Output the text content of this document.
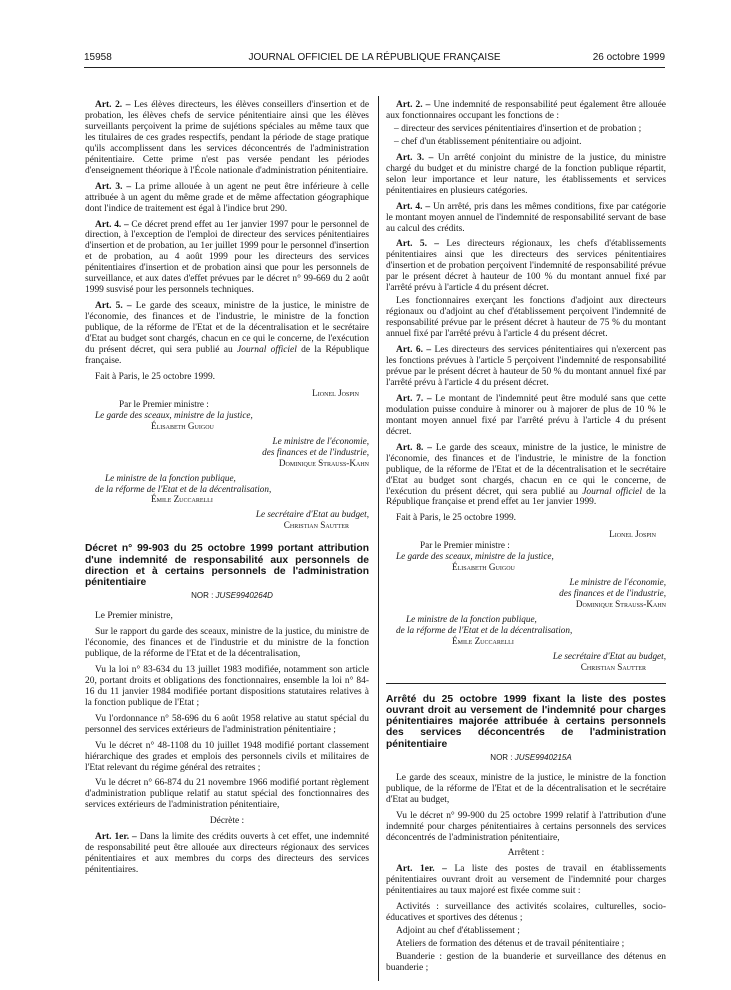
15958	JOURNAL OFFICIEL DE LA RÉPUBLIQUE FRANÇAISE	26 octobre 1999

Art. 2. – Les élèves directeurs, les élèves conseillers d'insertion et de probation, les élèves chefs de service pénitentiaire ainsi que les élèves surveillants perçoivent la prime de sujétions spéciales au même taux que les titulaires de ces grades respectifs, pendant la période de stage pratique qu'ils accomplissent dans les services déconcentrés de l'administration pénitentiaire. Cette prime n'est pas versée pendant les périodes d'enseignement théorique à l'École nationale d'administration pénitentiaire.

Art. 3. – La prime allouée à un agent ne peut être inférieure à celle attribuée à un agent du même grade et de même affectation géographique dont l'indice de traitement est égal à l'indice brut 290.

Art. 4. – Ce décret prend effet au 1er janvier 1997 pour le personnel de direction, à l'exception de l'emploi de directeur des services pénitentiaires d'insertion et de probation, au 1er juillet 1999 pour le personnel d'insertion et de probation, au 4 août 1999 pour les directeurs des services pénitentiaires d'insertion et de probation ainsi que pour les personnels de surveillance, et aux dates d'effet prévues par le décret n° 99-669 du 2 août 1999 susvisé pour les personnels techniques.

Art. 5. – Le garde des sceaux, ministre de la justice, le ministre de l'économie, des finances et de l'industrie, le ministre de la fonction publique, de la réforme de l'Etat et de la décentralisation et le secrétaire d'Etat au budget sont chargés, chacun en ce qui le concerne, de l'exécution du présent décret, qui sera publié au Journal officiel de la République française.

Fait à Paris, le 25 octobre 1999.

Lionel Jospin

Par le Premier ministre :

Le garde des sceaux, ministre de la justice,

Élisabeth Guigou

Le ministre de l'économie,

des finances et de l'industrie,

Dominique Strauss-Kahn

Le ministre de la fonction publique,

de la réforme de l'Etat et de la décentralisation,

Émile Zuccarelli

Le secrétaire d'Etat au budget,

Christian Sautter

Décret n° 99-903 du 25 octobre 1999 portant attribution d'une indemnité de responsabilité aux personnels de direction et à certains personnels de l'administration pénitentiaire

NOR : JUSE9940264D

Le Premier ministre,

Sur le rapport du garde des sceaux, ministre de la justice, du ministre de l'économie, des finances et de l'industrie et du ministre de la fonction publique, de la réforme de l'Etat et de la décentralisation,

Vu la loi n° 83-634 du 13 juillet 1983 modifiée, notamment son article 20, portant droits et obligations des fonctionnaires, ensemble la loi n° 84-16 du 11 janvier 1984 modifiée portant dispositions statutaires relatives à la fonction publique de l'Etat ;

Vu l'ordonnance n° 58-696 du 6 août 1958 relative au statut spécial du personnel des services extérieurs de l'administration pénitentiaire ;

Vu le décret n° 48-1108 du 10 juillet 1948 modifié portant classement hiérarchique des grades et emplois des personnels civils et militaires de l'Etat relevant du régime général des retraites ;

Vu le décret n° 66-874 du 21 novembre 1966 modifié portant règlement d'administration publique relatif au statut spécial des fonctionnaires des services extérieurs de l'administration pénitentiaire,

Décrète :

Art. 1er. – Dans la limite des crédits ouverts à cet effet, une indemnité de responsabilité peut être allouée aux directeurs régionaux des services pénitentiaires et aux membres du corps des directeurs des services pénitentiaires.

Art. 2. – Une indemnité de responsabilité peut également être allouée aux fonctionnaires occupant les fonctions de :

– directeur des services pénitentiaires d'insertion et de probation ;

– chef d'un établissement pénitentiaire ou adjoint.

Art. 3. – Un arrêté conjoint du ministre de la justice, du ministre chargé du budget et du ministre chargé de la fonction publique répartit, selon leur importance et leur nature, les établissements et services pénitentiaires en plusieurs catégories.

Art. 4. – Un arrêté, pris dans les mêmes conditions, fixe par catégorie le montant moyen annuel de l'indemnité de responsabilité servant de base au calcul des crédits.

Art. 5. – Les directeurs régionaux, les chefs d'établissements pénitentiaires ainsi que les directeurs des services pénitentiaires d'insertion et de probation perçoivent l'indemnité de responsabilité prévue par le présent décret à hauteur de 100 % du montant annuel fixé par l'arrêté prévu à l'article 4 du présent décret.

Les fonctionnaires exerçant les fonctions d'adjoint aux directeurs régionaux ou d'adjoint au chef d'établissement perçoivent l'indemnité de responsabilité prévue par le présent décret à hauteur de 75 % du montant annuel fixé par l'arrêté prévu à l'article 4 du présent décret.

Art. 6. – Les directeurs des services pénitentiaires qui n'exercent pas les fonctions prévues à l'article 5 perçoivent l'indemnité de responsabilité prévue par le présent décret à hauteur de 50 % du montant annuel fixé par l'arrêté prévu à l'article 4 du présent décret.

Art. 7. – Le montant de l'indemnité peut être modulé sans que cette modulation puisse conduire à minorer ou à majorer de plus de 10 % le montant moyen annuel fixé par l'arrêté prévu à l'article 4 du présent décret.

Art. 8. – Le garde des sceaux, ministre de la justice, le ministre de l'économie, des finances et de l'industrie, le ministre de la fonction publique, de la réforme de l'Etat et de la décentralisation et le secrétaire d'Etat au budget sont chargés, chacun en ce qui le concerne, de l'exécution du présent décret, qui sera publié au Journal officiel de la République française et prend effet au 1er janvier 1999.

Fait à Paris, le 25 octobre 1999.

Lionel Jospin

Par le Premier ministre :

Le garde des sceaux, ministre de la justice,

Élisabeth Guigou

Le ministre de l'économie,

des finances et de l'industrie,

Dominique Strauss-Kahn

Le ministre de la fonction publique,

de la réforme de l'Etat et de la décentralisation,

Émile Zuccarelli

Le secrétaire d'Etat au budget,

Christian Sautter

Arrêté du 25 octobre 1999 fixant la liste des postes ouvrant droit au versement de l'indemnité pour charges pénitentiaires majorée attribuée à certains personnels des services déconcentrés de l'administration pénitentiaire

NOR : JUSE9940215A

Le garde des sceaux, ministre de la justice, le ministre de la fonction publique, de la réforme de l'Etat et de la décentralisation et le secrétaire d'Etat au budget,

Vu le décret n° 99-900 du 25 octobre 1999 relatif à l'attribution d'une indemnité pour charges pénitentiaires à certains personnels des services déconcentrés de l'administration pénitentiaire,

Arrêtent :

Art. 1er. – La liste des postes de travail en établissements pénitentiaires ouvrant droit au versement de l'indemnité pour charges pénitentiaires au taux majoré est fixée comme suit :

Activités : surveillance des activités scolaires, culturelles, socio-éducatives et sportives des détenus ;

Adjoint au chef d'établissement ;

Ateliers de formation des détenus et de travail pénitentiaire ;

Buanderie : gestion de la buanderie et surveillance des détenus en buanderie ;
